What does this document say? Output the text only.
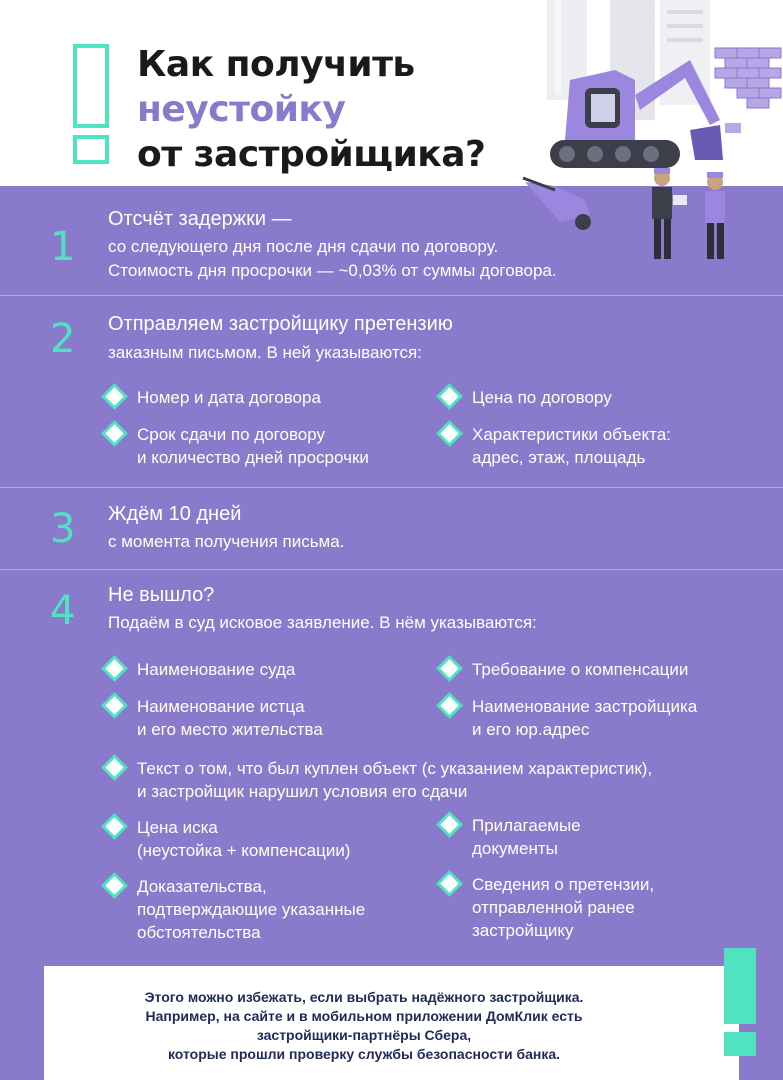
Как получить
неустойку
от застройщика?
1
Отсчёт задержки —
со следующего дня после дня сдачи по договору.
Стоимость дня просрочки — ~0,03% от суммы договора.
2 Отправляем застройщику претензию
заказным письмом. В ней указываются:
Номер и дата договора	Цена по договору
Срок сдачи по договору
и количество дней просрочки
Характеристики объекта:
адрес, этаж, площадь
3 Ждём 10 дней
с момента получения письма.
4 Не вышло?
Подаём в суд исковое заявление. В нём указываются:
Наименование суда	Требование о компенсации
Наименование истца
и его место жительства
Наименование застройщика
и его юр.адрес
Текст о том, что был куплен объект (с указанием характеристик),
и застройщик нарушил условия его сдачи
Цена иска
(неустойка + компенсации)
Прилагаемые
документы
Доказательства,
подтверждающие указанные
обстоятельства
Сведения о претензии,
отправленной ранее
застройщику
Этого можно избежать, если выбрать надёжного застройщика.
Например, на сайте и в мобильном приложении ДомКлик есть
застройщики-партнёры Сбера,
которые прошли проверку службы безопасности банка.
